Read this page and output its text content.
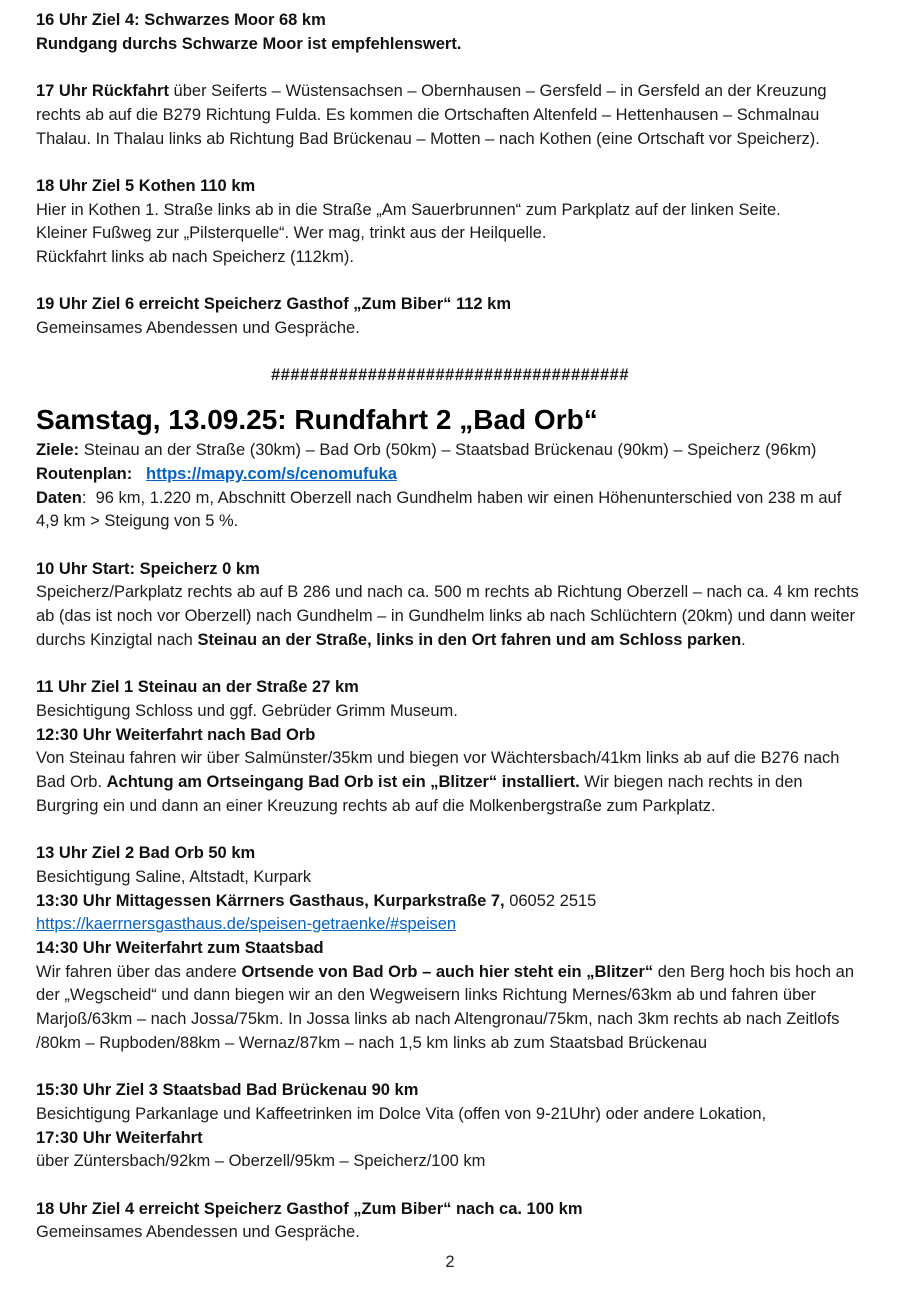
16 Uhr Ziel 4: Schwarzes Moor 68 km

Rundgang durchs Schwarze Moor ist empfehlenswert.

17 Uhr Rückfahrt über Seiferts – Wüstensachsen – Obernhausen – Gersfeld – in Gersfeld an der Kreuzung rechts ab auf die B279 Richtung Fulda. Es kommen die Ortschaften Altenfeld – Hettenhausen – Schmalnau Thalau. In Thalau links ab Richtung Bad Brückenau – Motten – nach Kothen (eine Ortschaft vor Speicherz).

18 Uhr Ziel 5 Kothen 110 km

Hier in Kothen 1. Straße links ab in die Straße „Am Sauerbrunnen“ zum Parkplatz auf der linken Seite.

Kleiner Fußweg zur „Pilsterquelle“. Wer mag, trinkt aus der Heilquelle.

Rückfahrt links ab nach Speicherz (112km).

19 Uhr Ziel 6 erreicht Speicherz Gasthof „Zum Biber“ 112 km

Gemeinsames Abendessen und Gespräche.

#####################################

Samstag, 13.09.25: Rundfahrt 2 „Bad Orb“

Ziele: Steinau an der Straße (30km) – Bad Orb (50km) – Staatsbad Brückenau (90km) – Speicherz (96km)

Routenplan:   https://mapy.com/s/cenomufuka

Daten:  96 km, 1.220 m, Abschnitt Oberzell nach Gundhelm haben wir einen Höhenunterschied von 238 m auf 4,9 km > Steigung von 5 %.

10 Uhr Start: Speicherz 0 km

Speicherz/Parkplatz rechts ab auf B 286 und nach ca. 500 m rechts ab Richtung Oberzell – nach ca. 4 km rechts ab (das ist noch vor Oberzell) nach Gundhelm – in Gundhelm links ab nach Schlüchtern (20km) und dann weiter durchs Kinzigtal nach Steinau an der Straße, links in den Ort fahren und am Schloss parken.

11 Uhr Ziel 1 Steinau an der Straße 27 km

Besichtigung Schloss und ggf. Gebrüder Grimm Museum.

12:30 Uhr Weiterfahrt nach Bad Orb

Von Steinau fahren wir über Salmünster/35km und biegen vor Wächtersbach/41km links ab auf die B276 nach Bad Orb. Achtung am Ortseingang Bad Orb ist ein „Blitzer“ installiert. Wir biegen nach rechts in den Burgring ein und dann an einer Kreuzung rechts ab auf die Molkenbergstraße zum Parkplatz.

13 Uhr Ziel 2 Bad Orb 50 km

Besichtigung Saline, Altstadt, Kurpark

13:30 Uhr Mittagessen Kärrners Gasthaus, Kurparkstraße 7, 06052 2515

https://kaerrnersgasthaus.de/speisen-getraenke/#speisen

14:30 Uhr Weiterfahrt zum Staatsbad

Wir fahren über das andere Ortsende von Bad Orb – auch hier steht ein „Blitzer“ den Berg hoch bis hoch an der „Wegscheid“ und dann biegen wir an den Wegweisern links Richtung Mernes/63km ab und fahren über Marjoß/63km – nach Jossa/75km. In Jossa links ab nach Altengronau/75km, nach 3km rechts ab nach Zeitlofs /80km – Rupboden/88km – Wernaz/87km – nach 1,5 km links ab zum Staatsbad Brückenau

15:30 Uhr Ziel 3 Staatsbad Bad Brückenau 90 km

Besichtigung Parkanlage und Kaffeetrinken im Dolce Vita (offen von 9-21Uhr) oder andere Lokation,

17:30 Uhr Weiterfahrt

über Züntersbach/92km – Oberzell/95km – Speicherz/100 km

18 Uhr Ziel 4 erreicht Speicherz Gasthof „Zum Biber“ nach ca. 100 km

Gemeinsames Abendessen und Gespräche.

2
